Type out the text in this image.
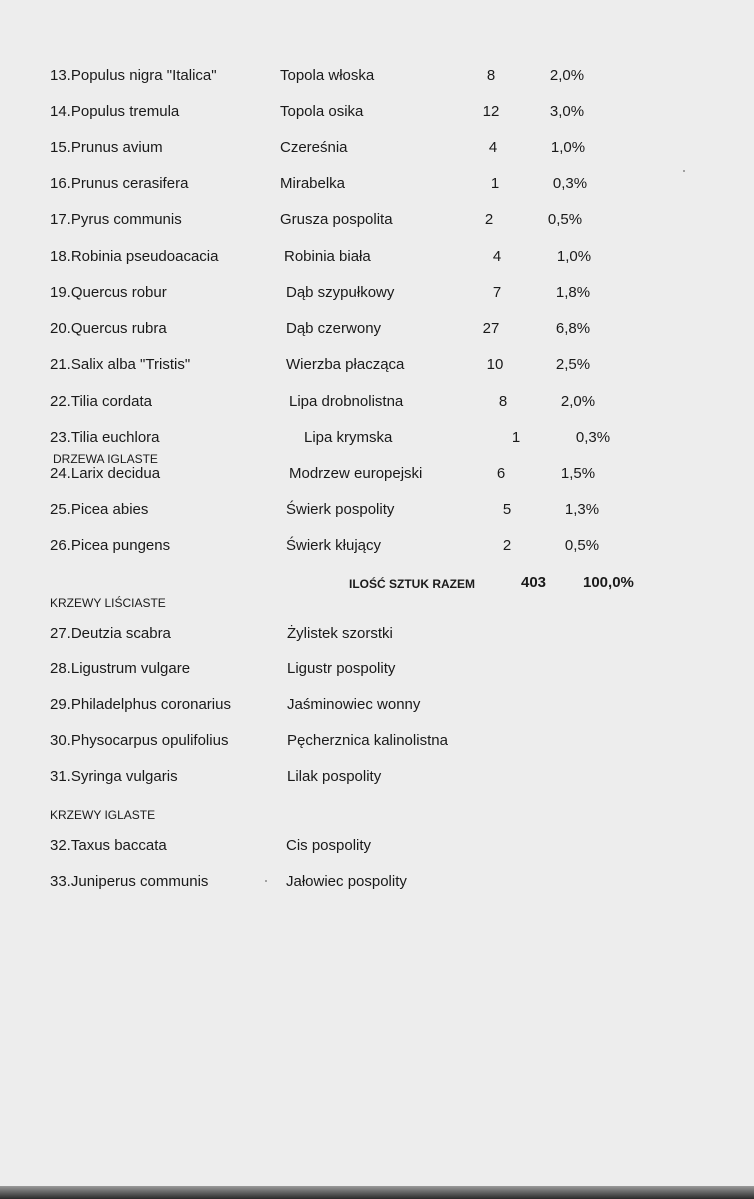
13.Populus nigra "Italica"	Topola włoska	8	2,0%
14.Populus tremula	Topola osika	12	3,0%
15.Prunus avium	Czereśnia	4	1,0%
16.Prunus cerasifera	Mirabelka	1	0,3%
17.Pyrus communis	Grusza pospolita	2	0,5%
18.Robinia pseudoacacia	Robinia biała	4	1,0%
19.Quercus robur	Dąb szypułkowy	7	1,8%
20.Quercus rubra	Dąb czerwony	27	6,8%
21.Salix alba "Tristis"	Wierzba płacząca	10	2,5%
22.Tilia cordata	Lipa drobnolistna	8	2,0%
23.Tilia euchlora	Lipa krymska	1	0,3%
DRZEWA IGLASTE
24.Larix decidua	Modrzew europejski	6	1,5%
25.Picea abies	Świerk pospolity	5	1,3%
26.Picea pungens	Świerk kłujący	2	0,5%
ILOŚĆ SZTUK RAZEM	403 100,0%
KRZEWY LIŚCIASTE
27.Deutzia scabra	Żylistek szorstki
28.Ligustrum vulgare	Ligustr pospolity
29.Philadelphus coronarius	Jaśminowiec wonny
30.Physocarpus opulifolius	Pęcherznica kalinolistna
31.Syringa vulgaris	Lilak pospolity
KRZEWY IGLASTE
32.Taxus baccata	Cis pospolity
33.Juniperus communis	Jałowiec pospolity
